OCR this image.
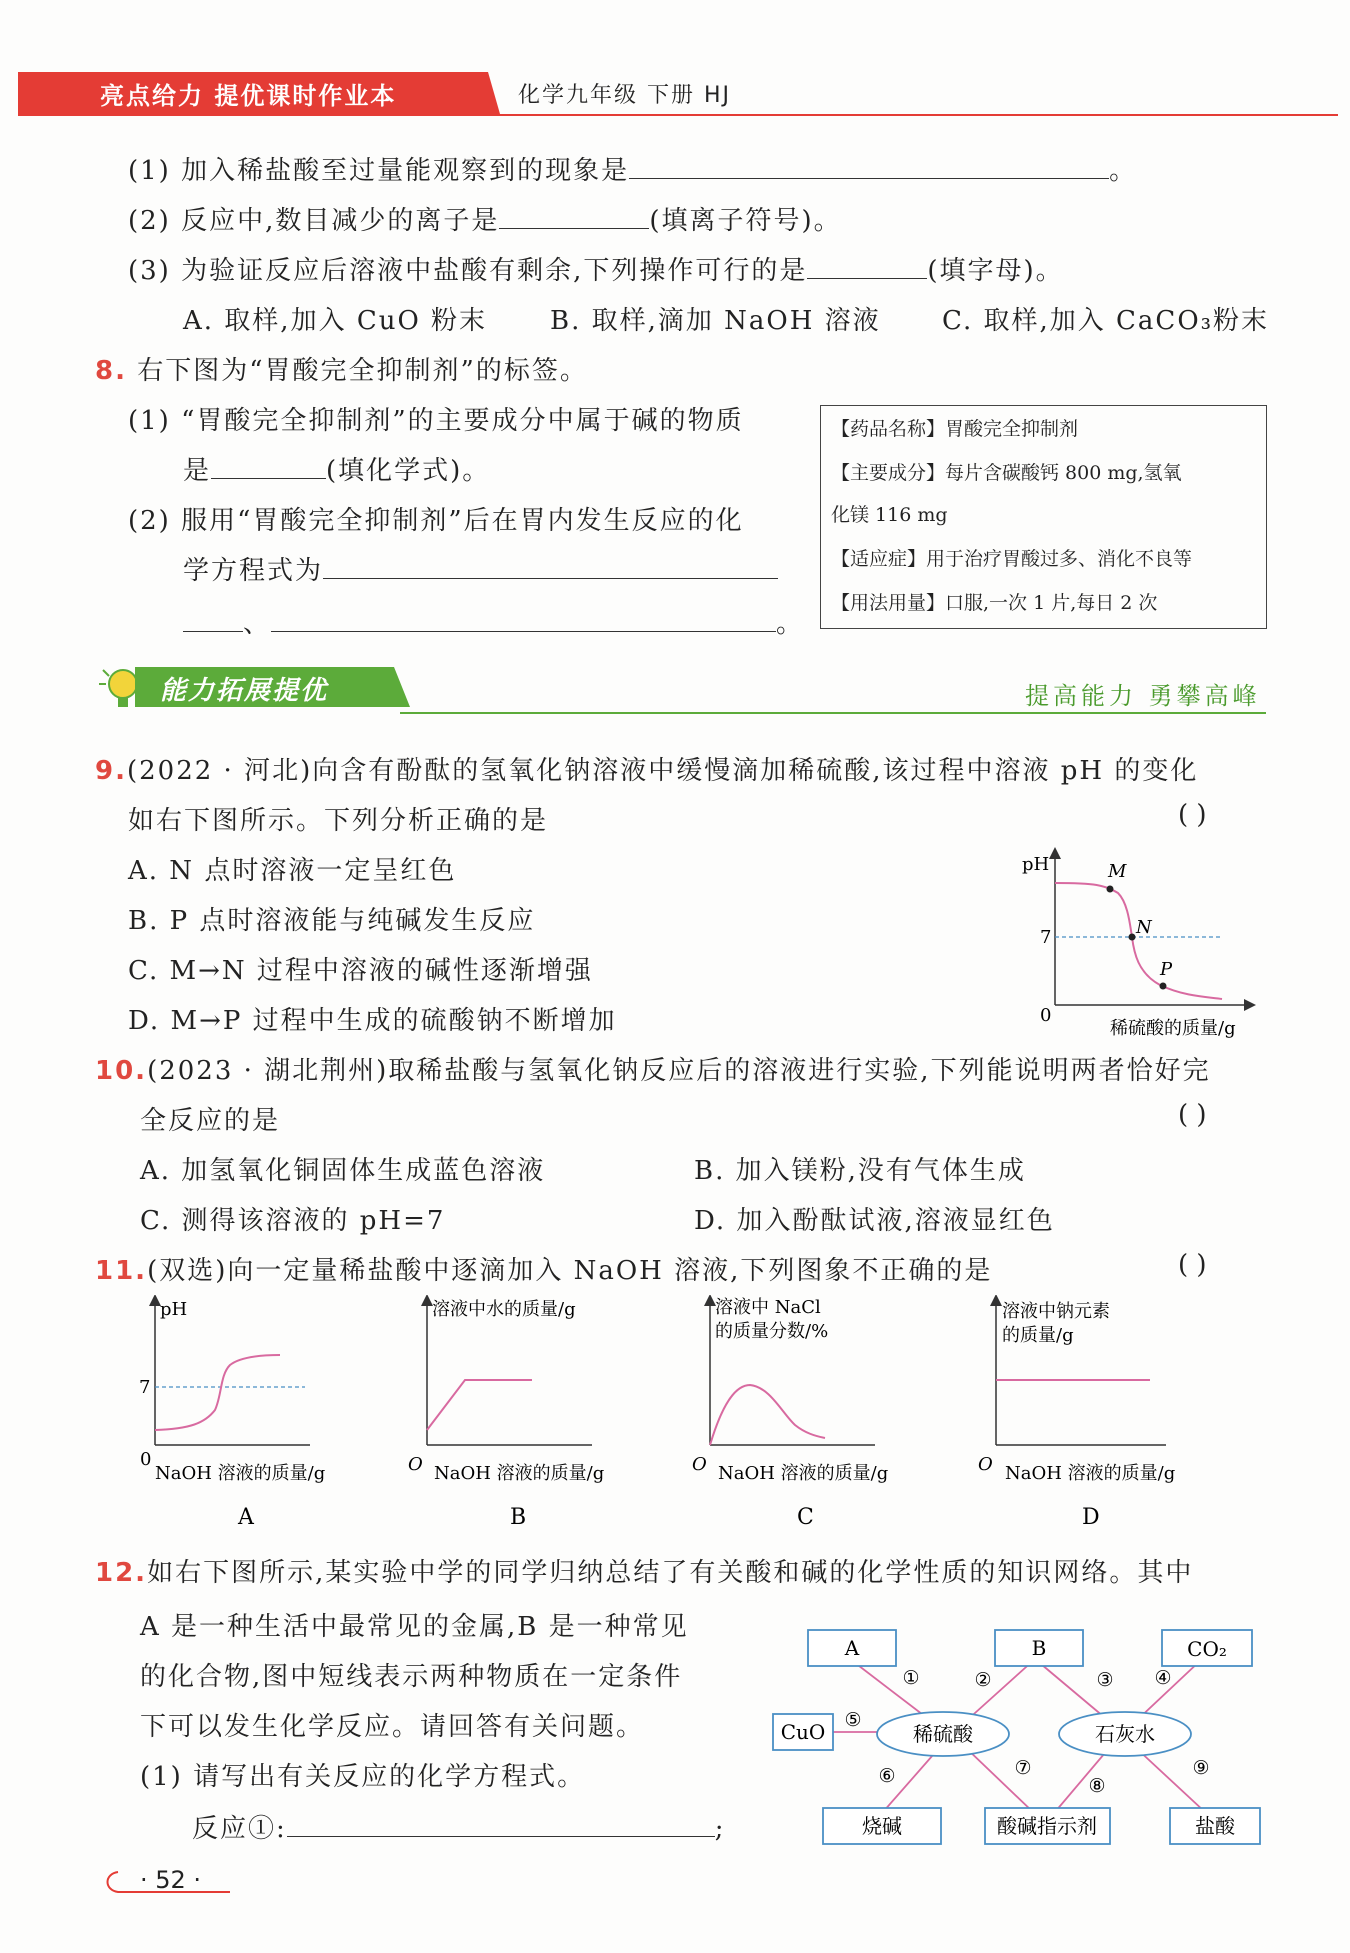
亮点给力 提优课时作业本	化学九年级 下册 HJ
(1) 加入稀盐酸至过量能观察到的现象是	。
(2) 反应中,数目减少的离子是	(填离子符号)。
(3) 为验证反应后溶液中盐酸有剩余,下列操作可行的是	(填字母)。
A. 取样,加入 CuO 粉末 B. 取样,滴加 NaOH 溶液 C. 取样,加入 CaCO₃粉末
8. 右下图为“胃酸完全抑制剂”的标签。
(1) “胃酸完全抑制剂”的主要成分中属于碱的物质
是	(填化学式)。
(2) 服用“胃酸完全抑制剂”后在胃内发生反应的化
学方程式为
、	。
【药品名称】胃酸完全抑制剂
【主要成分】每片含碳酸钙 800 mg,氢氧
化镁 116 mg
【适应症】用于治疗胃酸过多、消化不良等
【用法用量】口服,一次 1 片,每日 2 次
能力拓展提优	提高能力 勇攀高峰
9.(2022 · 河北)向含有酚酞的氢氧化钠溶液中缓慢滴加稀硫酸,该过程中溶液 pH 的变化
如右下图所示。下列分析正确的是	( )
A. N 点时溶液一定呈红色
B. P 点时溶液能与纯碱发生反应
C. M→N 过程中溶液的碱性逐渐增强
D. M→P 过程中生成的硫酸钠不断增加
pH
7
0
M
N
P
稀硫酸的质量/g
10.(2023 · 湖北荆州)取稀盐酸与氢氧化钠反应后的溶液进行实验,下列能说明两者恰好完
全反应的是	( )
A. 加氢氧化铜固体生成蓝色溶液	B. 加入镁粉,没有气体生成
C. 测得该溶液的 pH=7	D. 加入酚酞试液,溶液显红色
11.(双选)向一定量稀盐酸中逐滴加入 NaOH 溶液,下列图象不正确的是	( )
pH
7
0
NaOH 溶液的质量/g
A
溶液中水的质量/g
O NaOH 溶液的质量/g
B
溶液中 NaCl
的质量分数/%
O NaOH 溶液的质量/g
C
溶液中钠元素
的质量/g
O NaOH 溶液的质量/g
D
12.如右下图所示,某实验中学的同学归纳总结了有关酸和碱的化学性质的知识网络。其中
A 是一种生活中最常见的金属,B 是一种常见
的化合物,图中短线表示两种物质在一定条件
下可以发生化学反应。请回答有关问题。
(1) 请写出有关反应的化学方程式。
反应①:	;
A	B	CO₂
CuO	稀硫酸	石灰水
烧碱	酸碱指示剂	盐酸
①	②	③ ④
⑤
⑥	⑦
⑧
⑨
· 52 ·
